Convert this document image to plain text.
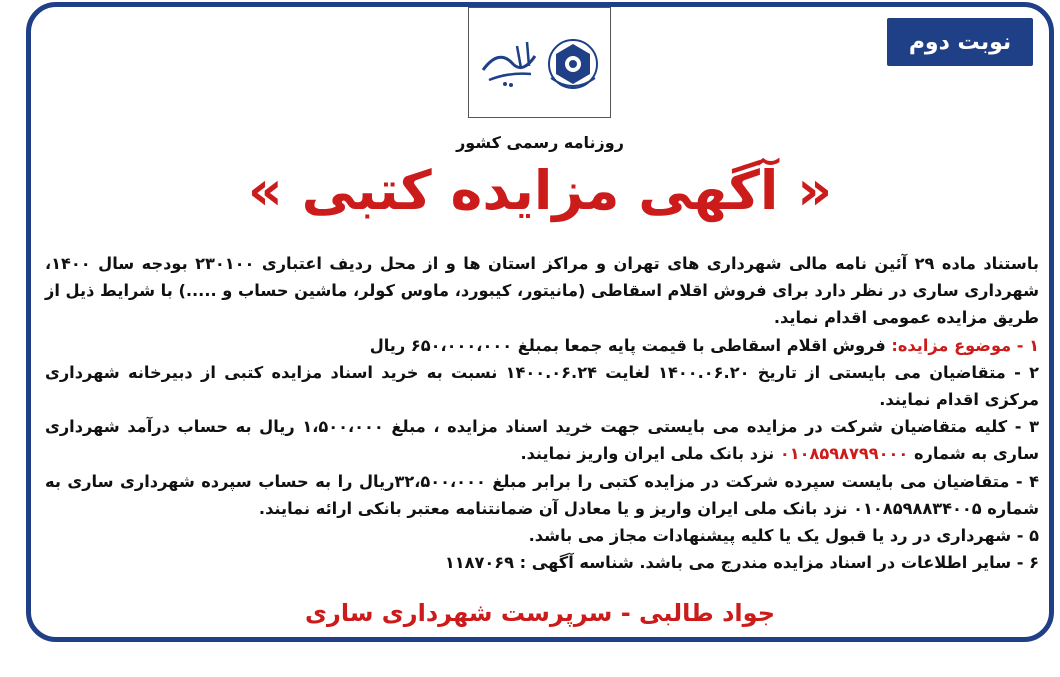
نوبت دوم
روزنامه رسمی کشور
« آگهی مزایده کتبی »

باستناد ماده ۲۹ آئین نامه مالی شهرداری های تهران و مراکز استان ها و از محل ردیف اعتباری ۲۳۰۱۰۰ بودجه سال ۱۴۰۰، شهرداری ساری در نظر دارد برای فروش اقلام اسقاطی (مانیتور، کیبورد، ماوس کولر، ماشین حساب و .....) با شرایط ذیل از طریق مزایده عمومی اقدام نماید.

۱ - موضوع مزایده: فروش اقلام اسقاطی با قیمت پایه جمعا بمبلغ ۶۵۰،۰۰۰،۰۰۰ ریال

۲ - متقاضیان می بایستی از تاریخ ۱۴۰۰.۰۶.۲۰ لغایت ۱۴۰۰.۰۶.۲۴ نسبت به خرید اسناد مزایده کتبی از دبیرخانه شهرداری مرکزی اقدام نمایند.

۳ - کلیه متقاضیان شرکت در مزایده می بایستی جهت خرید اسناد مزایده ، مبلغ ۱،۵۰۰،۰۰۰ ریال به حساب درآمد شهرداری ساری به شماره ۰۱۰۸۵۹۸۷۹۹۰۰۰ نزد بانک ملی ایران واریز نمایند.

۴ - متقاضیان می بایست سپرده شرکت در مزایده کتبی را برابر مبلغ ۳۲،۵۰۰،۰۰۰ریال را به حساب سپرده شهرداری ساری به شماره ۰۱۰۸۵۹۸۸۳۴۰۰۵ نزد بانک ملی ایران واریز و یا معادل آن ضمانتنامه معتبر بانکی ارائه نمایند.

۵ - شهرداری در رد یا قبول یک یا کلیه پیشنهادات مجاز می باشد.

۶ - سایر اطلاعات در اسناد مزایده مندرج می باشد. شناسه آگهی : ۱۱۸۷۰۶۹

جواد طالبی - سرپرست شهرداری ساری
